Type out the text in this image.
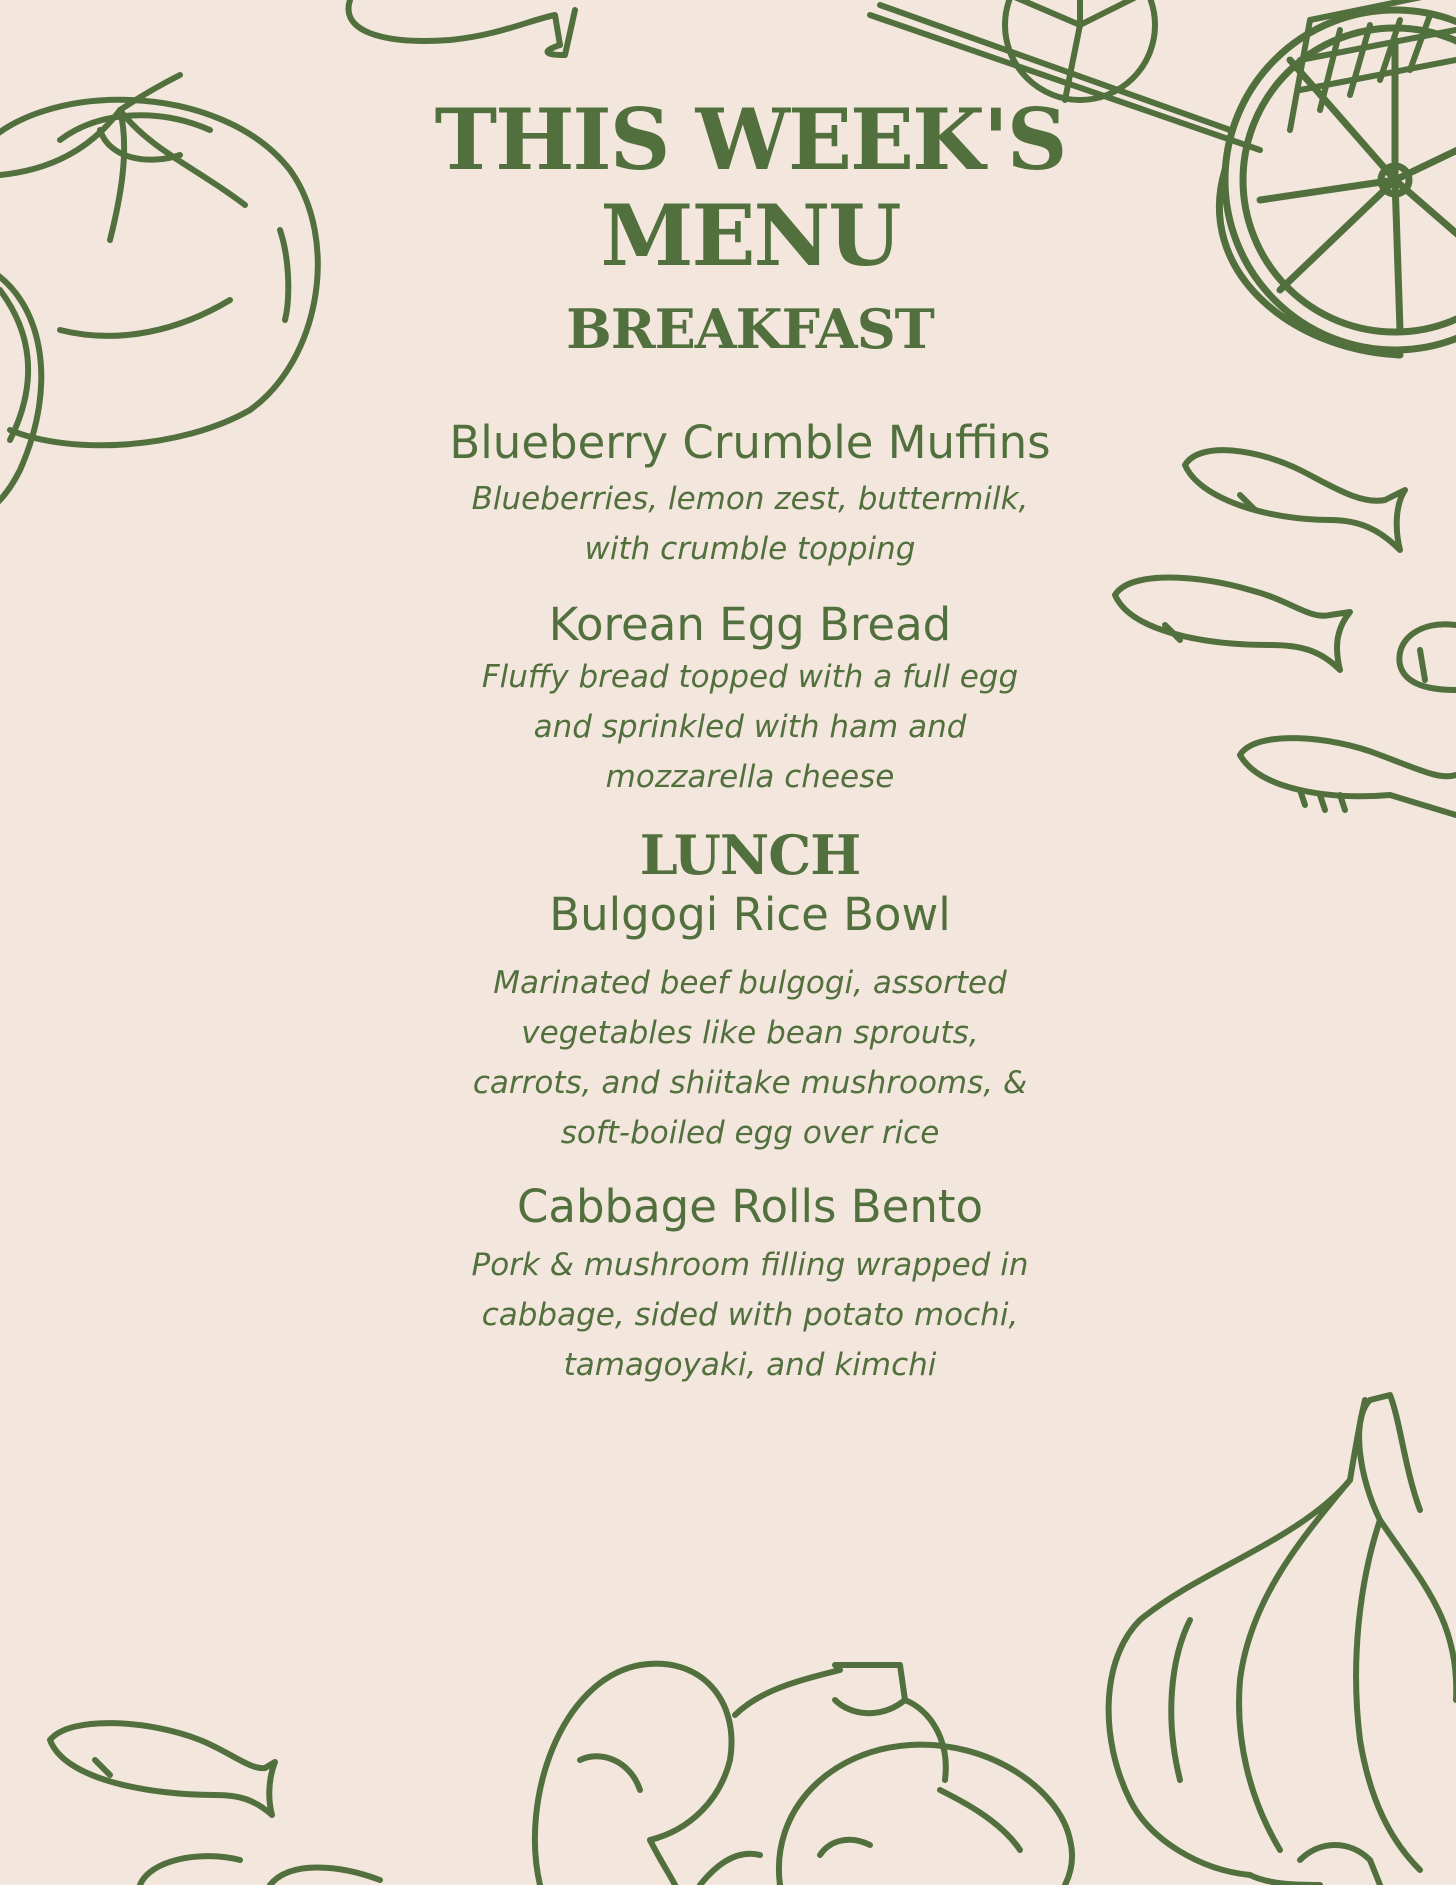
THIS WEEK'S
MENU
BREAKFAST
Blueberry Crumble Muffins
Blueberries, lemon zest, buttermilk,
with crumble topping
Korean Egg Bread
Fluffy bread topped with a full egg
and sprinkled with ham and
mozzarella cheese
LUNCH
Bulgogi Rice Bowl
Marinated beef bulgogi, assorted
vegetables like bean sprouts,
carrots, and shiitake mushrooms, &
soft-boiled egg over rice
Cabbage Rolls Bento
Pork & mushroom filling wrapped in
cabbage, sided with potato mochi,
tamagoyaki, and kimchi
